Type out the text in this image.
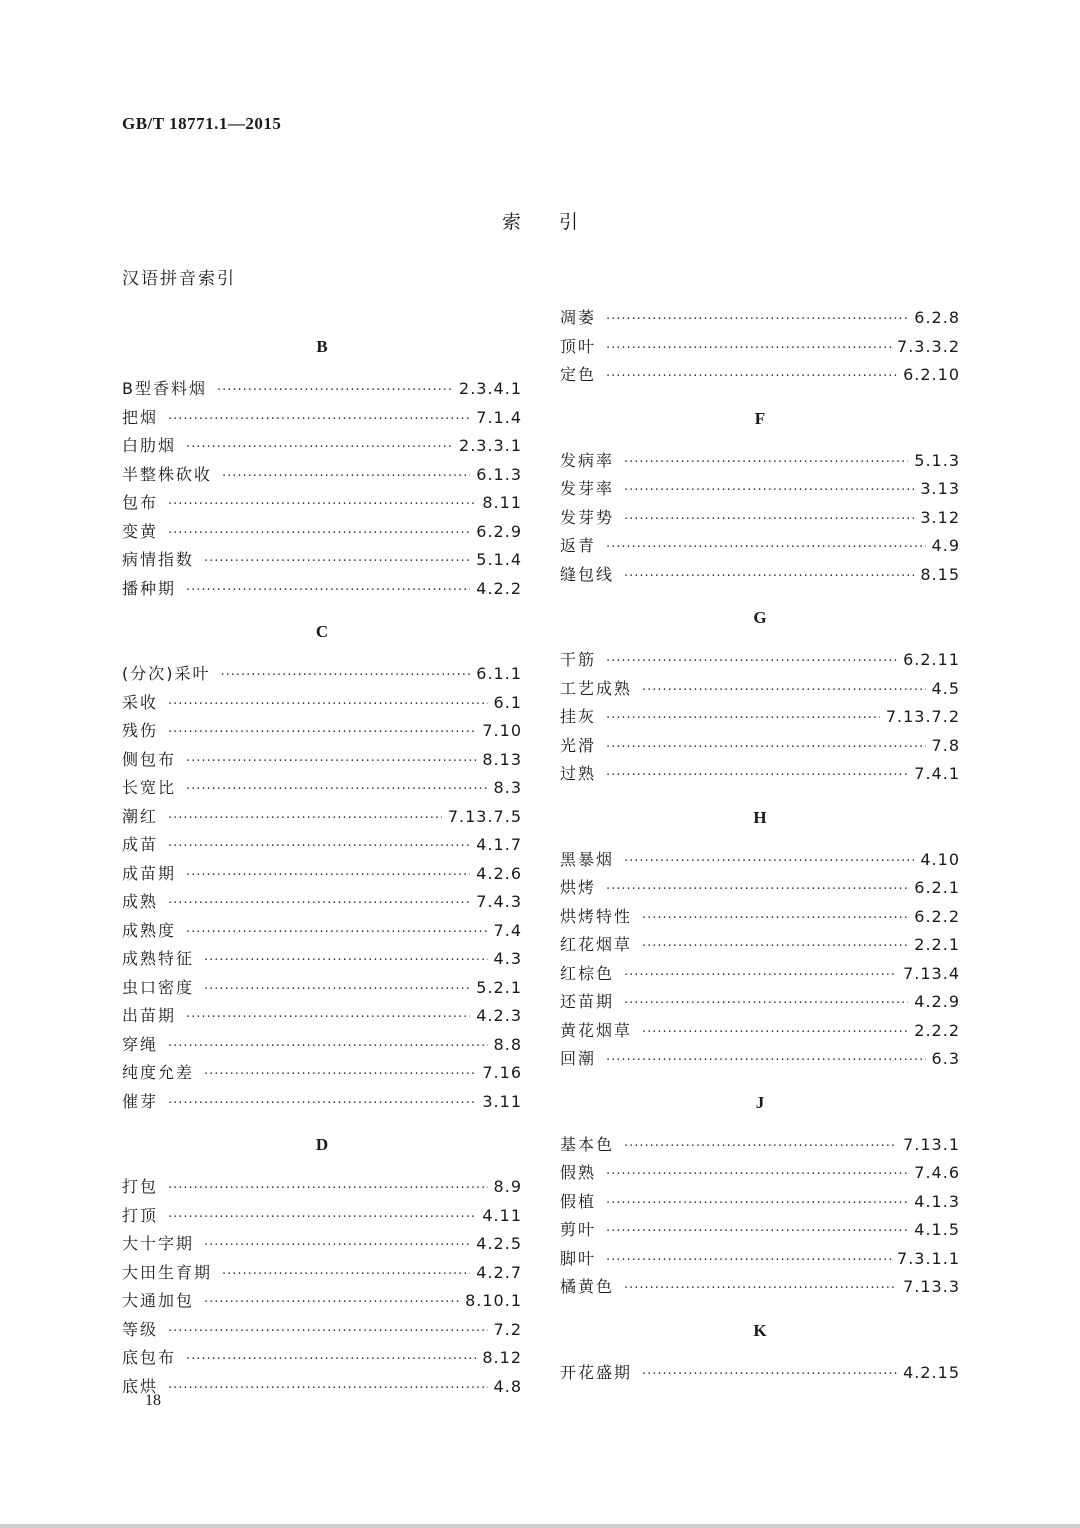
GB/T 18771.1—2015
索引
汉语拼音索引
B
B型香料烟 ·····	2.3.4.1
把烟 ·····	7.1.4
白肋烟 ·····	2.3.3.1
半整株砍收 ·····	6.1.3
包布 ·····	8.11
变黄 ·····	6.2.9
病情指数 ·····	5.1.4
播种期 ·····	4.2.2
C
(分次)采叶 ·····	6.1.1
采收 ·····	6.1
残伤 ·····	7.10
侧包布 ·····	8.13
长宽比 ·····	8.3
潮红 ·····	7.13.7.5
成苗 ·····	4.1.7
成苗期 ·····	4.2.6
成熟 ·····	7.4.3
成熟度 ·····	7.4
成熟特征 ·····	4.3
虫口密度 ·····	5.2.1
出苗期 ·····	4.2.3
穿绳 ·····	8.8
纯度允差 ·····	7.16
催芽 ·····	3.11
D
打包 ·····	8.9
打顶 ·····	4.11
大十字期 ·····	4.2.5
大田生育期 ·····	4.2.7
大通加包 ·····	8.10.1
等级 ·····	7.2
底包布 ·····	8.12
底烘 ·····	4.8
凋萎 ·····	6.2.8
顶叶 ·····	7.3.3.2
定色 ·····	6.2.10
F
发病率 ·····	5.1.3
发芽率 ·····	3.13
发芽势 ·····	3.12
返青 ·····	4.9
缝包线 ·····	8.15
G
干筋 ·····	6.2.11
工艺成熟 ·····	4.5
挂灰 ·····	7.13.7.2
光滑 ·····	7.8
过熟 ·····	7.4.1
H
黑暴烟 ·····	4.10
烘烤 ·····	6.2.1
烘烤特性 ·····	6.2.2
红花烟草 ·····	2.2.1
红棕色 ·····	7.13.4
还苗期 ·····	4.2.9
黄花烟草 ·····	2.2.2
回潮 ·····	6.3
J
基本色 ·····	7.13.1
假熟 ·····	7.4.6
假植 ·····	4.1.3
剪叶 ·····	4.1.5
脚叶 ·····	7.3.1.1
橘黄色 ·····	7.13.3
K
开花盛期 ·····	4.2.15
18
